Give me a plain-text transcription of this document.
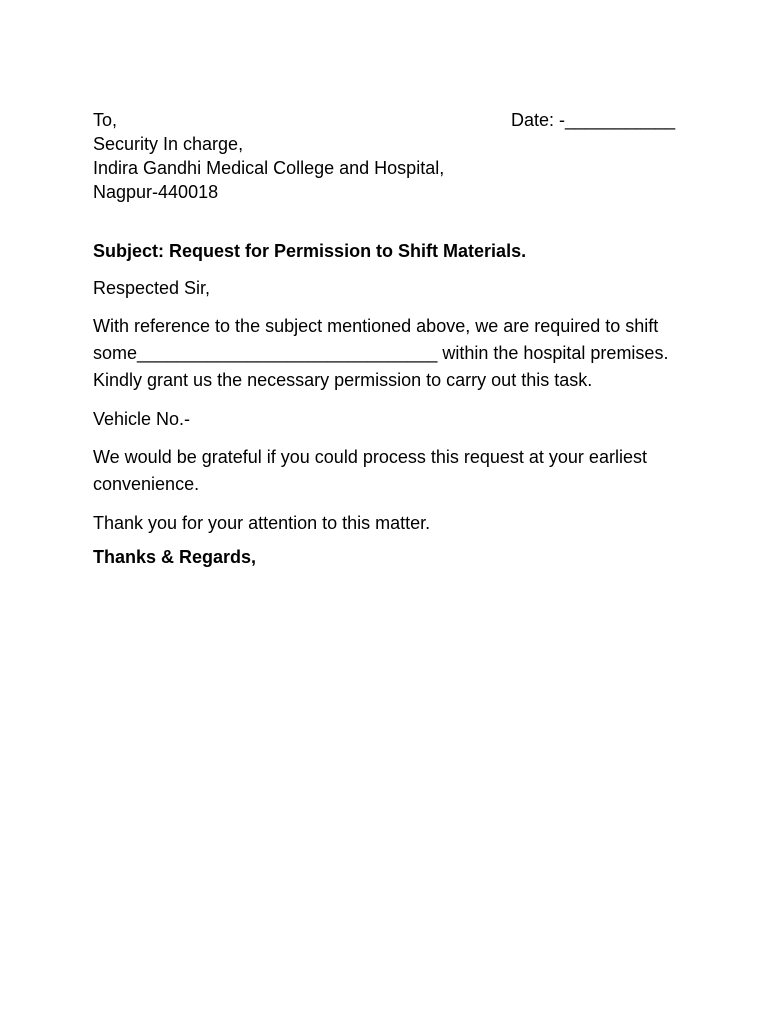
To,	Date: -___________
Security In charge,
Indira Gandhi Medical College and Hospital,
Nagpur-440018
Subject: Request for Permission to Shift Materials.
Respected Sir,
With reference to the subject mentioned above, we are required to shift some______________________________ within the hospital premises. Kindly grant us the necessary permission to carry out this task.
Vehicle No.-
We would be grateful if you could process this request at your earliest convenience.
Thank you for your attention to this matter.
Thanks & Regards,
